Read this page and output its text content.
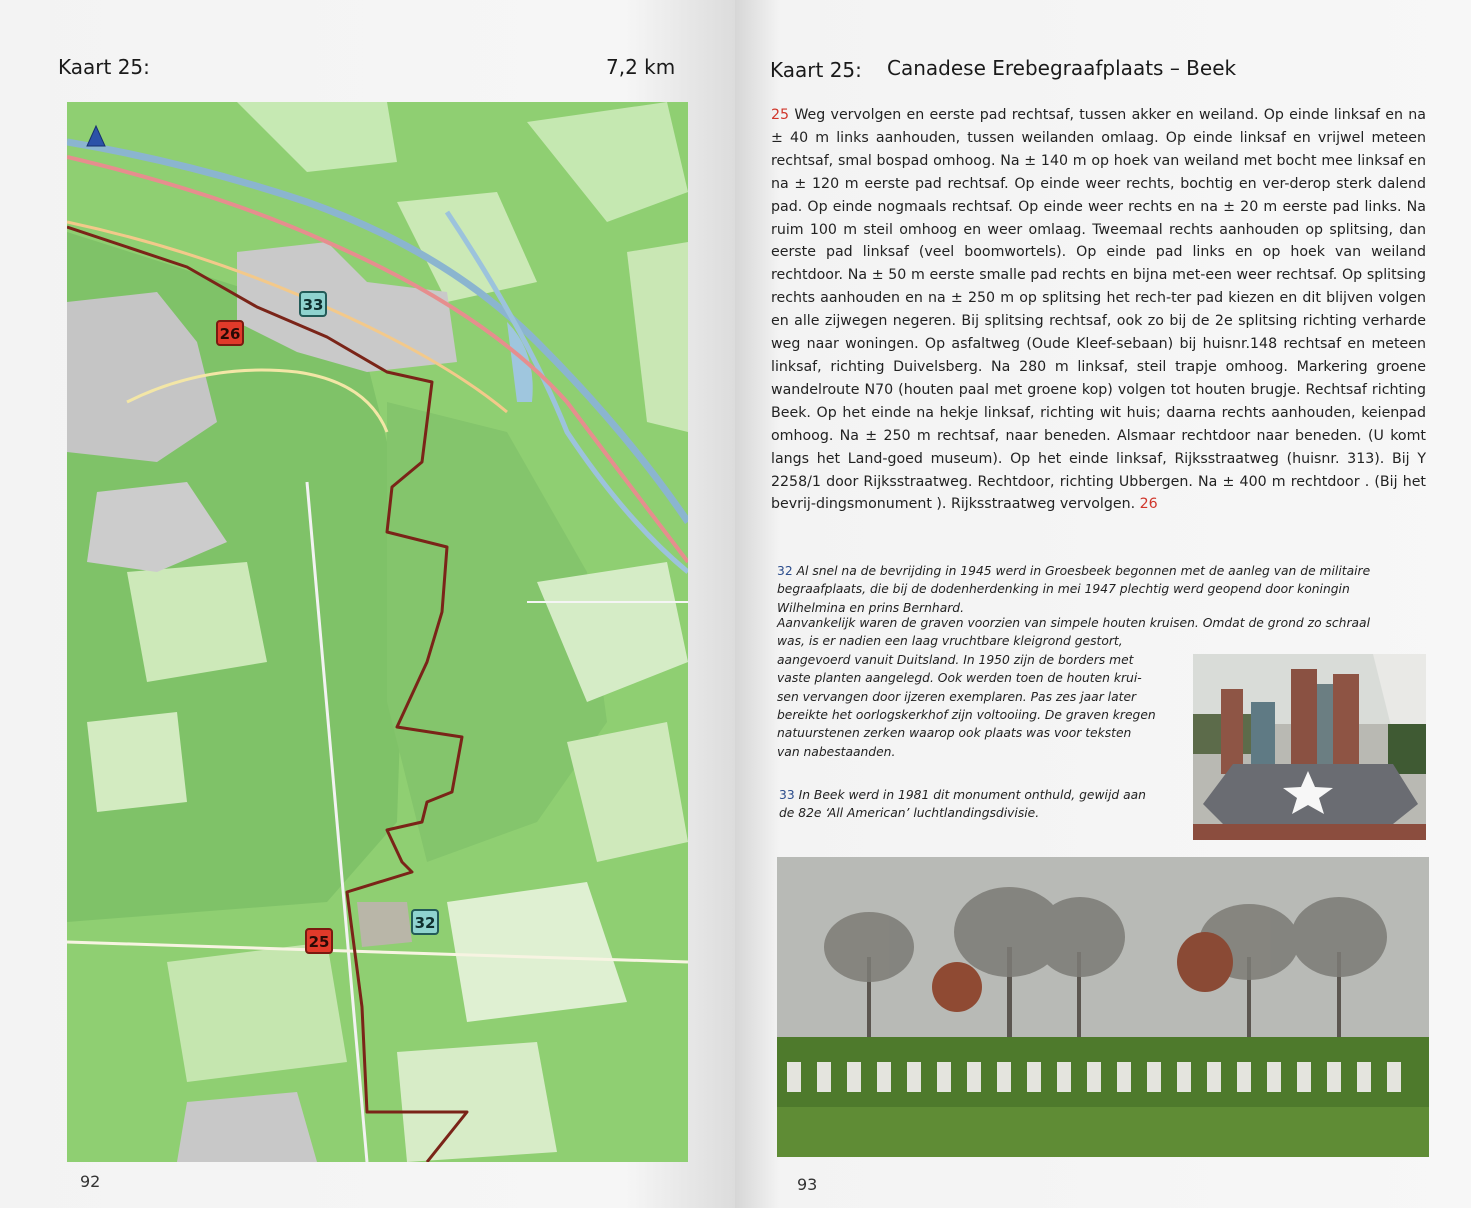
Kaart 25:	7,2 km
26
33
32
25
92
Kaart 25: Canadese Erebegraafplaats – Beek
93

25 Weg vervolgen en eerste pad rechtsaf, tussen akker en weiland. Op einde linksaf en na ± 40 m links aanhouden, tussen weilanden omlaag. Op einde linksaf en vrijwel meteen rechtsaf, smal bospad omhoog. Na ± 140 m op hoek van weiland met bocht mee linksaf en na ± 120 m eerste pad rechtsaf. Op einde weer rechts, bochtig en ver-derop sterk dalend pad. Op einde nogmaals rechtsaf. Op einde weer rechts en na ± 20 m eerste pad links. Na ruim 100 m steil omhoog en weer omlaag. Tweemaal rechts aanhouden op splitsing, dan eerste pad linksaf (veel boomwortels). Op einde pad links en op hoek van weiland rechtdoor. Na ± 50 m eerste smalle pad rechts en bijna met-een weer rechtsaf. Op splitsing rechts aanhouden en na ± 250 m op splitsing het rech-ter pad kiezen en dit blijven volgen en alle zijwegen negeren. Bij splitsing rechtsaf, ook zo bij de 2e splitsing richting verharde weg naar woningen. Op asfaltweg (Oude Kleef-sebaan) bij huisnr.148 rechtsaf en meteen linksaf, richting Duivelsberg. Na 280 m linksaf, steil trapje omhoog. Markering groene wandelroute N70 (houten paal met groene kop) volgen tot houten brugje. Rechtsaf richting Beek. Op het einde na hekje linksaf, richting wit huis; daarna rechts aanhouden, keienpad omhoog. Na ± 250 m rechtsaf, naar beneden. Alsmaar rechtdoor naar beneden. (U komt langs het Land-goed museum). Op het einde linksaf, Rijksstraatweg (huisnr. 313). Bij Y 2258/1 door Rijksstraatweg. Rechtdoor, richting Ubbergen. Na ± 400 m rechtdoor . (Bij het bevrij-dingsmonument ). Rijksstraatweg vervolgen. 26

32 Al snel na de bevrijding in 1945 werd in Groesbeek begonnen met de aanleg van de militaire begraafplaats, die bij de dodenherdenking in mei 1947 plechtig werd geopend door koningin Wilhelmina en prins Bernhard.

Aanvankelijk waren de graven voorzien van simpele houten kruisen. Omdat de grond zo schraal
was, is er nadien een laag vruchtbare kleigrond gestort,
aangevoerd vanuit Duitsland. In 1950 zijn de borders met
vaste planten aangelegd. Ook werden toen de houten krui-
sen vervangen door ijzeren exemplaren. Pas zes jaar later
bereikte het oorlogskerkhof zijn voltooiing. De graven kregen
natuurstenen zerken waarop ook plaats was voor teksten
van nabestaanden.
33 In Beek werd in 1981 dit monument onthuld, gewijd aan
de 82e ‘All American’ luchtlandingsdivisie.
